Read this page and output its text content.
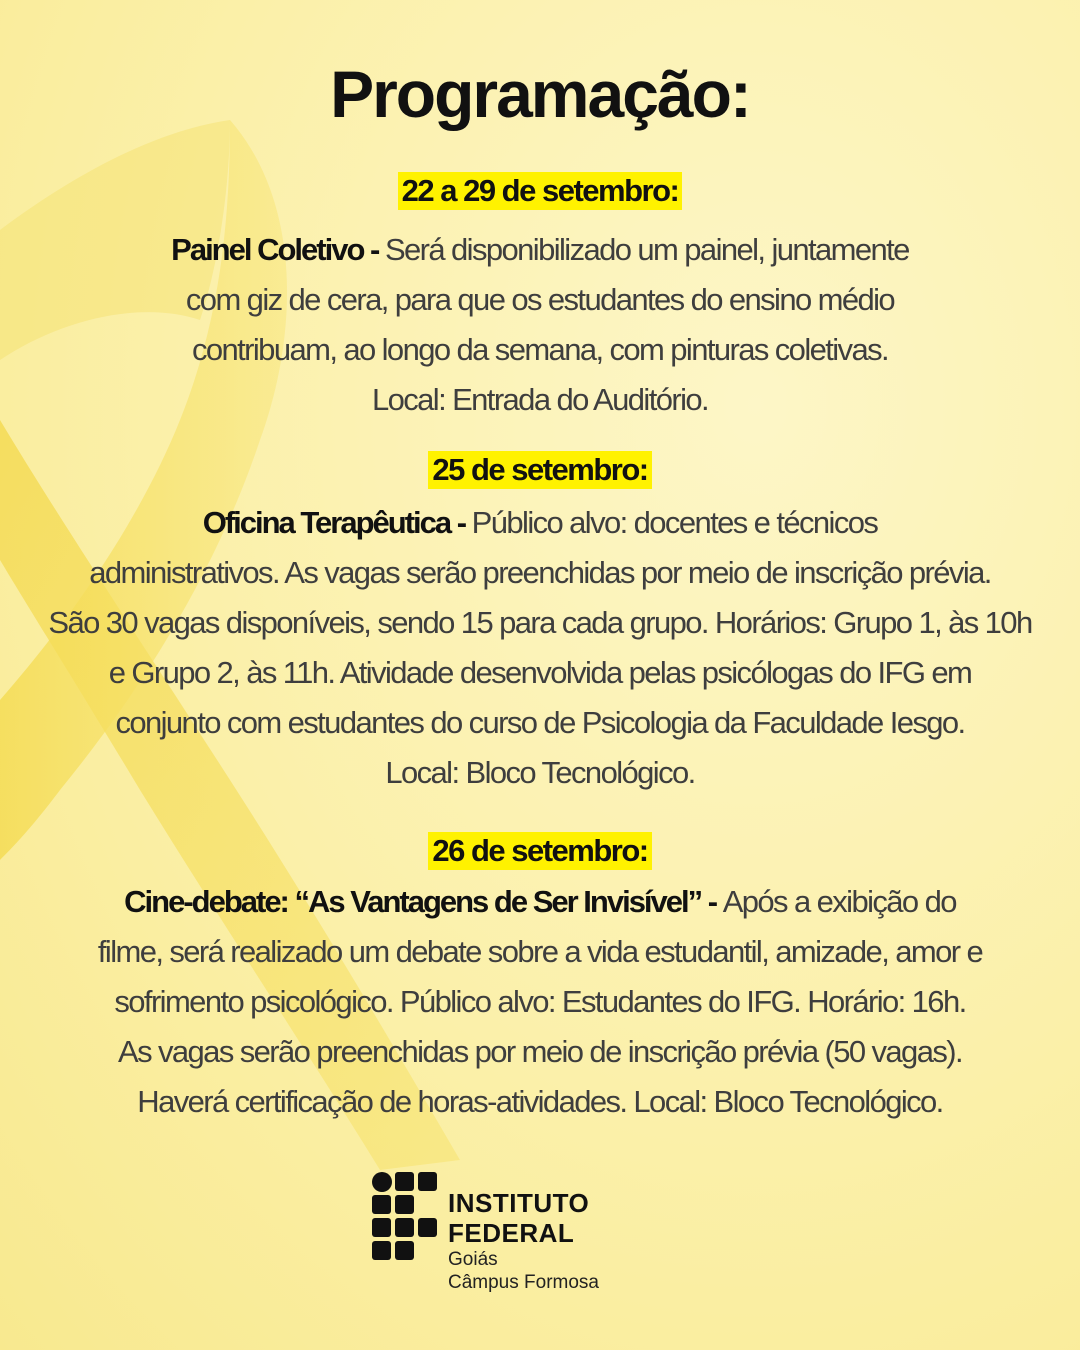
Programação:
22 a 29 de setembro:

Painel Coletivo - Será disponibilizado um painel, juntamente
com giz de cera, para que os estudantes do ensino médio
contribuam, ao longo da semana, com pinturas coletivas.
Local: Entrada do Auditório.

25 de setembro:

Oficina Terapêutica - Público alvo: docentes e técnicos
administrativos. As vagas serão preenchidas por meio de inscrição prévia.
São 30 vagas disponíveis, sendo 15 para cada grupo. Horários: Grupo 1, às 10h
e Grupo 2, às 11h. Atividade desenvolvida pelas psicólogas do IFG em
conjunto com estudantes do curso de Psicologia da Faculdade Iesgo.
Local: Bloco Tecnológico.

26 de setembro:

Cine-debate: “As Vantagens de Ser Invisível” - Após a exibição do
filme, será realizado um debate sobre a vida estudantil, amizade, amor e
sofrimento psicológico. Público alvo: Estudantes do IFG. Horário: 16h.
As vagas serão preenchidas por meio de inscrição prévia (50 vagas).
Haverá certificação de horas-atividades. Local: Bloco Tecnológico.

INSTITUTO FEDERAL
Goiás
Câmpus Formosa
